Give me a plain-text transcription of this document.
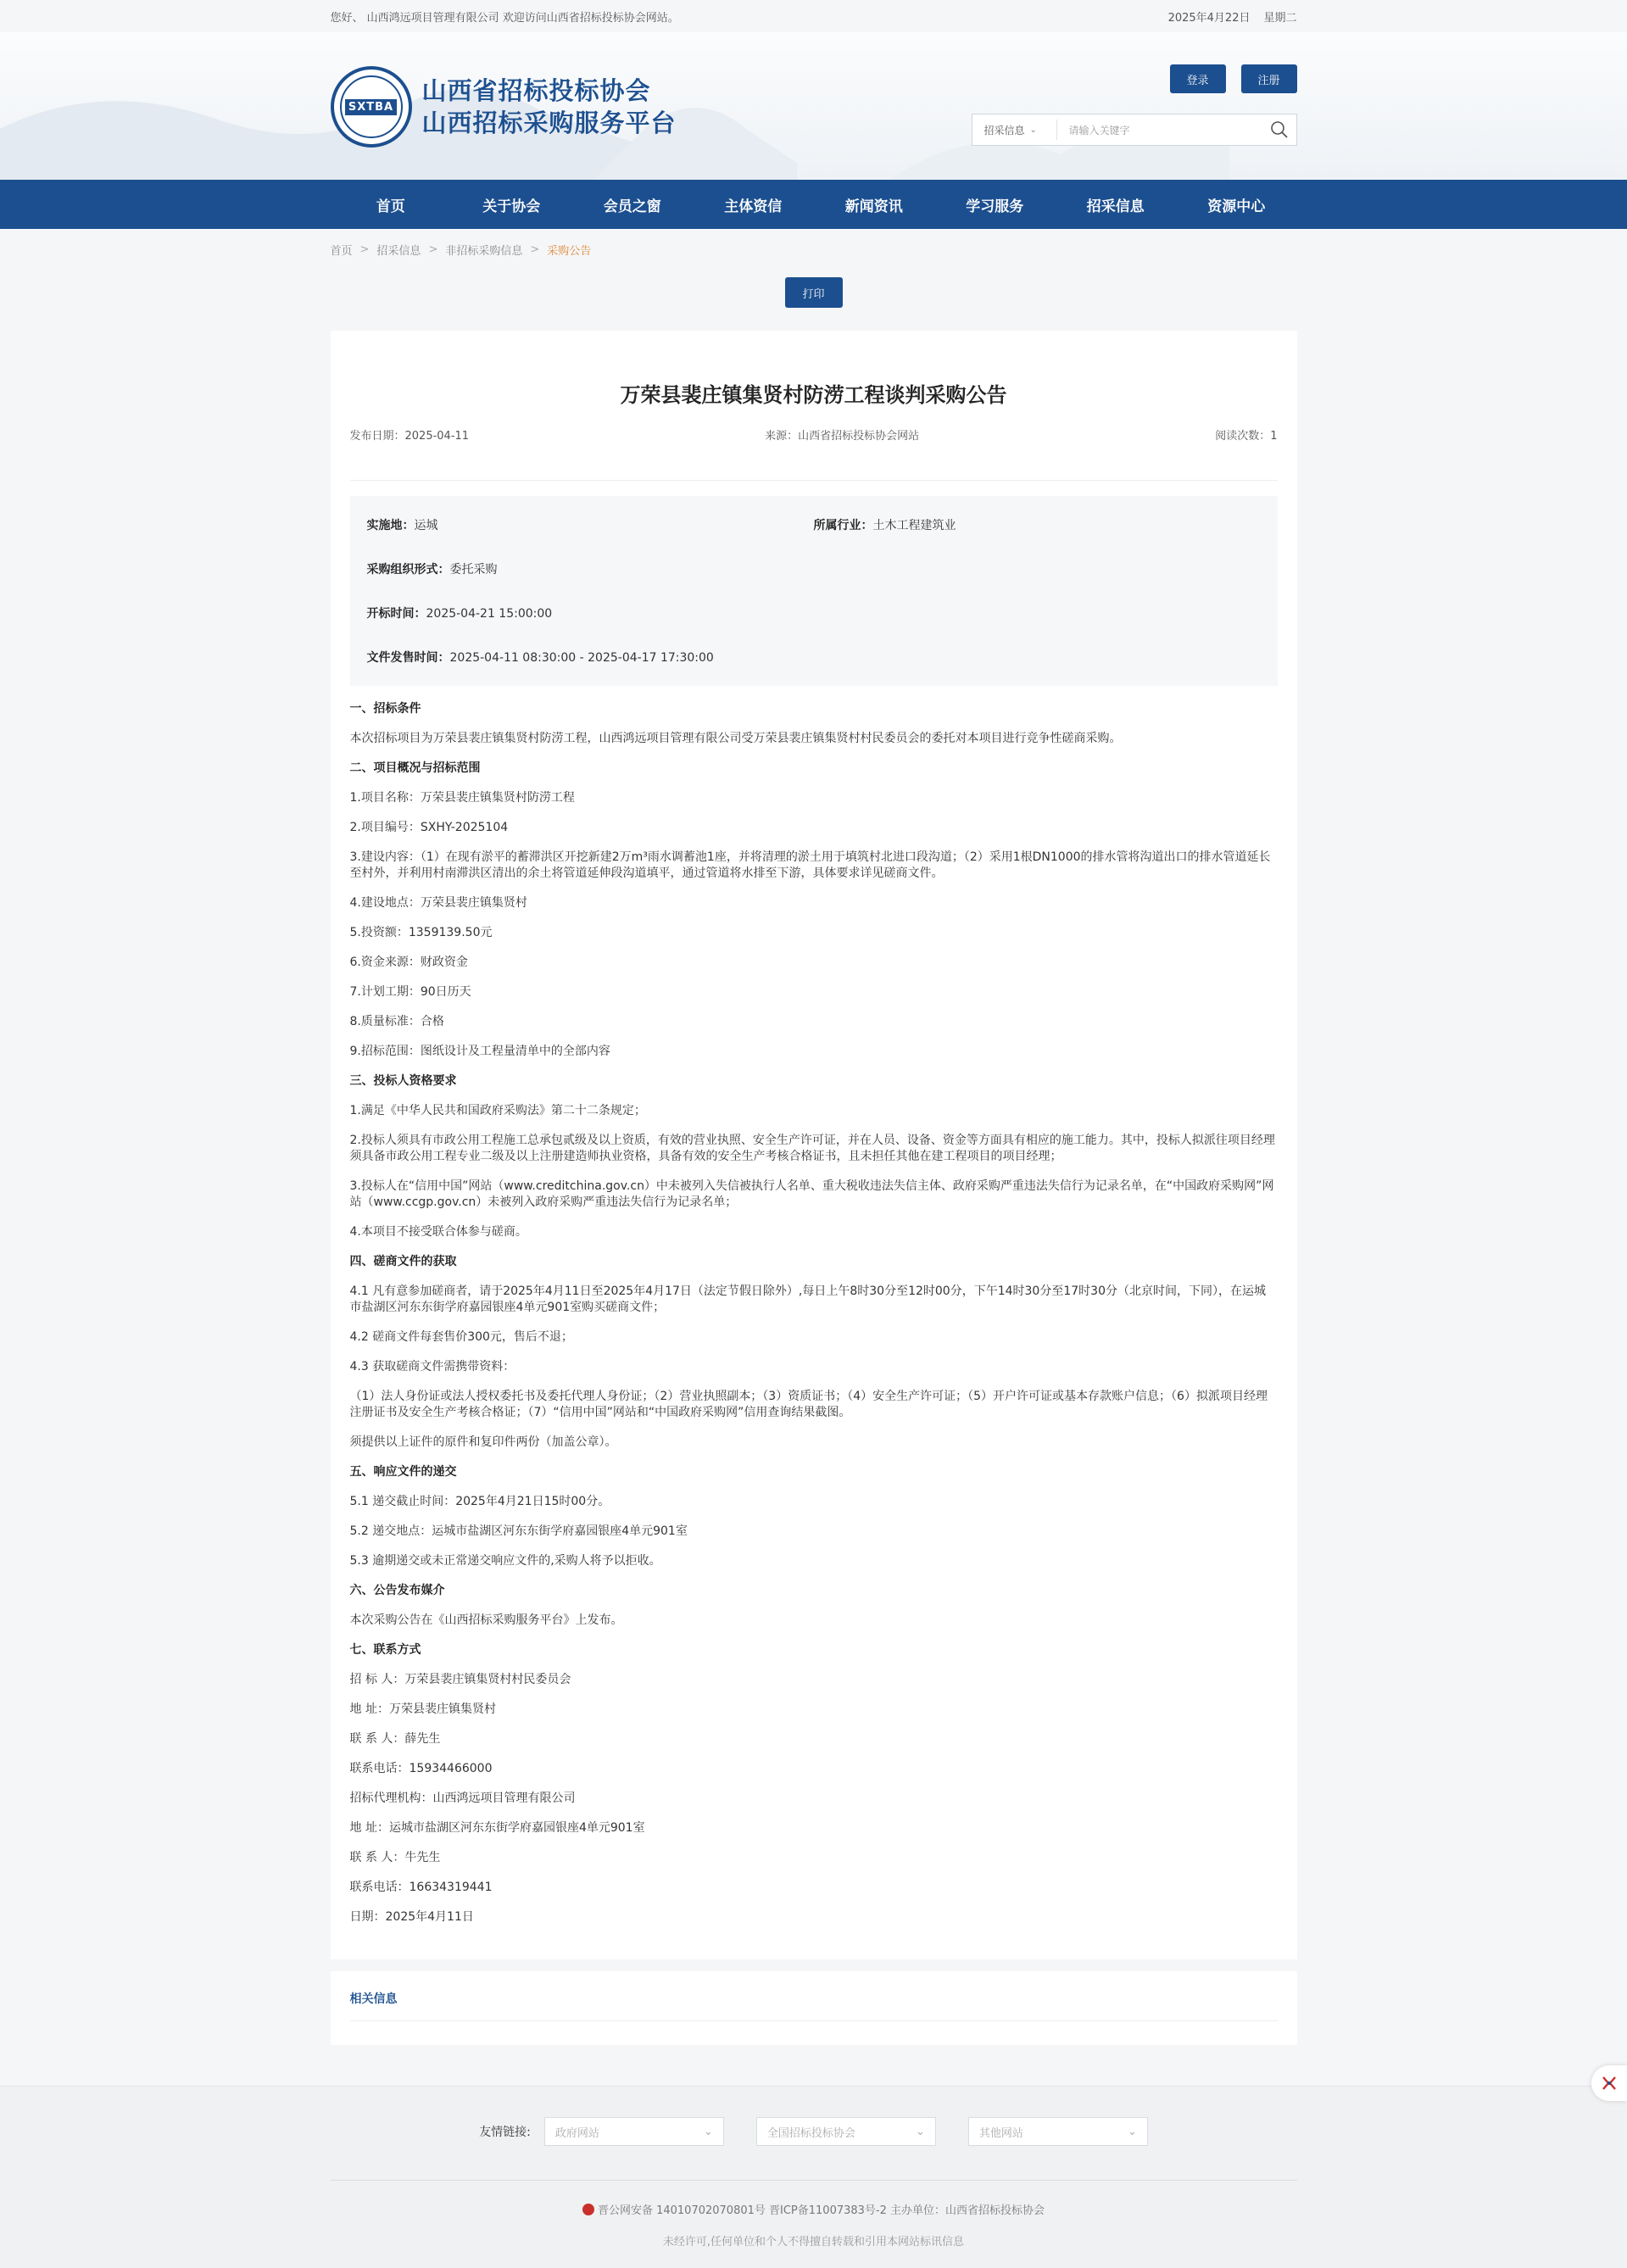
您好、 山西鸿远项目管理有限公司 欢迎访问山西省招标投标协会网站。	2025年4月22日 星期二
SXTBA
山西省招标投标协会
山西招标采购服务平台
登录	注册
招采信息 ⌄	请输入关键字
首页	关于协会	会员之窗	主体资信	新闻资讯	学习服务	招采信息	资源中心
首页 > 招采信息 > 非招标采购信息 > 采购公告
打印
万荣县裴庄镇集贤村防涝工程谈判采购公告
发布日期：2025-04-11	来源：山西省招标投标协会网站	阅读次数：1
实施地：运城	所属行业：土木工程建筑业
采购组织形式：委托采购
开标时间：2025-04-21 15:00:00
文件发售时间：2025-04-11 08:30:00 - 2025-04-17 17:30:00

一、招标条件

本次招标项目为万荣县裴庄镇集贤村防涝工程，山西鸿远项目管理有限公司受万荣县裴庄镇集贤村村民委员会的委托对本项目进行竞争性磋商采购。

二、项目概况与招标范围

1.项目名称：万荣县裴庄镇集贤村防涝工程

2.项目编号：SXHY-2025104

3.建设内容：（1）在现有淤平的蓄滞洪区开挖新建2万m³雨水调蓄池1座，并将清理的淤土用于填筑村北进口段沟道；（2）采用1根DN1000的排水管将沟道出口的排水管道延长至村外，并利用村南滞洪区清出的余土将管道延伸段沟道填平，通过管道将水排至下游，具体要求详见磋商文件。

4.建设地点：万荣县裴庄镇集贤村

5.投资额：1359139.50元

6.资金来源：财政资金

7.计划工期：90日历天

8.质量标准：合格

9.招标范围：图纸设计及工程量清单中的全部内容

三、投标人资格要求

1.满足《中华人民共和国政府采购法》第二十二条规定；

2.投标人须具有市政公用工程施工总承包贰级及以上资质，有效的营业执照、安全生产许可证，并在人员、设备、资金等方面具有相应的施工能力。其中，投标人拟派往项目经理须具备市政公用工程专业二级及以上注册建造师执业资格，具备有效的安全生产考核合格证书，且未担任其他在建工程项目的项目经理；

3.投标人在“信用中国”网站（www.creditchina.gov.cn）中未被列入失信被执行人名单、重大税收违法失信主体、政府采购严重违法失信行为记录名单，在“中国政府采购网”网站（www.ccgp.gov.cn）未被列入政府采购严重违法失信行为记录名单；

4.本项目不接受联合体参与磋商。

四、磋商文件的获取

4.1 凡有意参加磋商者，请于2025年4月11日至2025年4月17日（法定节假日除外）,每日上午8时30分至12时00分，下午14时30分至17时30分（北京时间，下同），在运城市盐湖区河东东街学府嘉园银座4单元901室购买磋商文件；

4.2 磋商文件每套售价300元，售后不退；

4.3 获取磋商文件需携带资料：

（1）法人身份证或法人授权委托书及委托代理人身份证；（2）营业执照副本；（3）资质证书；（4）安全生产许可证；（5）开户许可证或基本存款账户信息；（6）拟派项目经理注册证书及安全生产考核合格证；（7）“信用中国”网站和“中国政府采购网”信用查询结果截图。

须提供以上证件的原件和复印件两份（加盖公章）。

五、响应文件的递交

5.1 递交截止时间：2025年4月21日15时00分。

5.2 递交地点：运城市盐湖区河东东街学府嘉园银座4单元901室

5.3 逾期递交或未正常递交响应文件的,采购人将予以拒收。

六、公告发布媒介

本次采购公告在《山西招标采购服务平台》上发布。

七、联系方式

招 标 人：万荣县裴庄镇集贤村村民委员会

地 址：万荣县裴庄镇集贤村

联 系 人：薛先生

联系电话：15934466000

招标代理机构：山西鸿远项目管理有限公司

地 址：运城市盐湖区河东东街学府嘉园银座4单元901室

联 系 人：牛先生

联系电话：16634319441

日期：2025年4月11日

相关信息
友情链接: 政府网站	⌄	全国招标投标协会	⌄	其他网站	⌄
晋公网安备 14010702070801号 晋ICP备11007383号-2 主办单位：山西省招标投标协会
未经许可,任何单位和个人不得擅自转载和引用本网站标讯信息
